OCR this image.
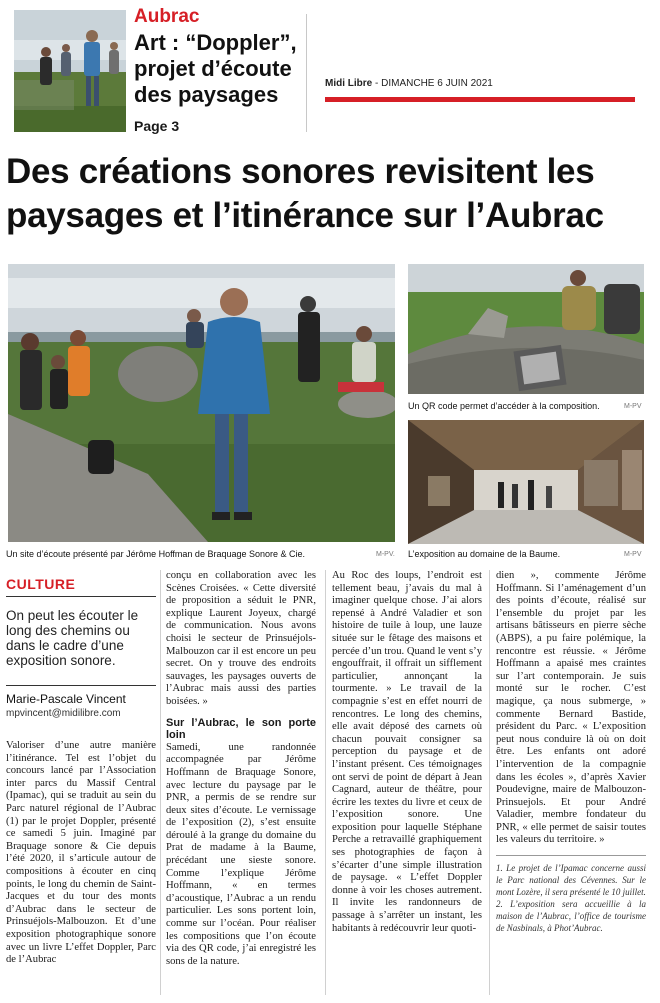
Aubrac
Art : “Doppler”, projet d’écoute des paysages
Page 3
Midi Libre - DIMANCHE 6 JUIN 2021
Des créations sonores revisitent les paysages et l’itinérance sur l’Aubrac
Un site d’écoute présenté par Jérôme Hoffman de Braquage Sonore & Cie.	M-PV.
Un QR code permet d’accéder à la composition.	M-PV
L’exposition au domaine de la Baume.	M-PV
CULTURE
On peut les écouter le long des chemins ou dans le cadre d’une exposition sonore.
Marie-Pascale Vincent
mpvincent@midilibre.com

Valoriser d’une autre manière l’itinérance. Tel est l’objet du concours lancé par l’Association inter parcs du Massif Central (Ipamac), qui se traduit au sein du Parc naturel régional de l’Aubrac (1) par le projet Doppler, présenté ce samedi 5 juin. Imaginé par Braquage sonore & Cie depuis l’été 2020, il s’articule autour de compositions à écouter en cinq points, le long du chemin de Saint-Jacques et du tour des monts d’Aubrac dans le secteur de Prinsuéjols-Malbouzon. Et d’une exposition photographique sonore avec un livre L’effet Doppler, Parc de l’Aubrac

conçu en collaboration avec les Scènes Croisées. « Cette diversité de proposition a séduit le PNR, explique Laurent Joyeux, chargé de communication. Nous avons choisi le secteur de Prinsuéjols-Malbouzon car il est encore un peu secret. On y trouve des endroits sauvages, les paysages ouverts de l’Aubrac mais aussi des parties boisées. »

Sur l’Aubrac, le son porte loin

Samedi, une randonnée accompagnée par Jérôme Hoffmann de Braquage Sonore, avec lecture du paysage par le PNR, a permis de se rendre sur deux sites d’écoute. Le vernissage de l’exposition (2), s’est ensuite déroulé à la grange du domaine du Prat de madame à la Baume, précédant une sieste sonore. Comme l’explique Jérôme Hoffmann, « en termes d’acoustique, l’Aubrac a un rendu particulier. Les sons portent loin, comme sur l’océan. Pour réaliser les compositions que l’on écoute via des QR code, j’ai enregistré les sons de la nature.

Au Roc des loups, l’endroit est tellement beau, j’avais du mal à imaginer quelque chose. J’ai alors repensé à André Valadier et son histoire de tuile à loup, une lauze située sur le fêtage des maisons et percée d’un trou. Quand le vent s’y engouffrait, il offrait un sifflement particulier, annonçant la tourmente. » Le travail de la compagnie s’est en effet nourri de rencontres. Le long des chemins, elle avait déposé des carnets où chacun pouvait consigner sa perception du paysage et de l’instant présent. Ces témoignages ont servi de point de départ à Jean Cagnard, auteur de théâtre, pour écrire les textes du livre et ceux de l’exposition sonore. Une exposition pour laquelle Stéphane Perche a retravaillé graphiquement ses photographies de façon à s’écarter d’une simple illustration de paysage. « L’effet Doppler donne à voir les choses autrement. Il invite les randonneurs de passage à s’arrêter un instant, les habitants à redécouvrir leur quoti-

dien », commente Jérôme Hoffmann. Si l’aménagement d’un des points d’écoute, réalisé sur l’ensemble du projet par les artisans bâtisseurs en pierre sèche (ABPS), a pu faire polémique, la rencontre est réussie. « Jérôme Hoffmann a apaisé mes craintes sur l’art contemporain. Je suis monté sur le rocher. C’est magique, ça nous submerge, » commente Bernard Bastide, président du Parc. « L’exposition peut nous conduire là où on doit être. Les enfants ont adoré l’intervention de la compagnie dans les écoles », d’après Xavier Poudevigne, maire de Malbouzon-Prinsuejols. Et pour André Valadier, membre fondateur du PNR, « elle permet de saisir toutes les valeurs du territoire. »

1. Le projet de l’Ipamac concerne aussi le Parc national des Cévennes. Sur le mont Lozère, il sera présenté le 10 juillet.
2. L’exposition sera accueillie à la maison de l’Aubrac, l’office de tourisme de Nasbinals, à Phot’Aubrac.
